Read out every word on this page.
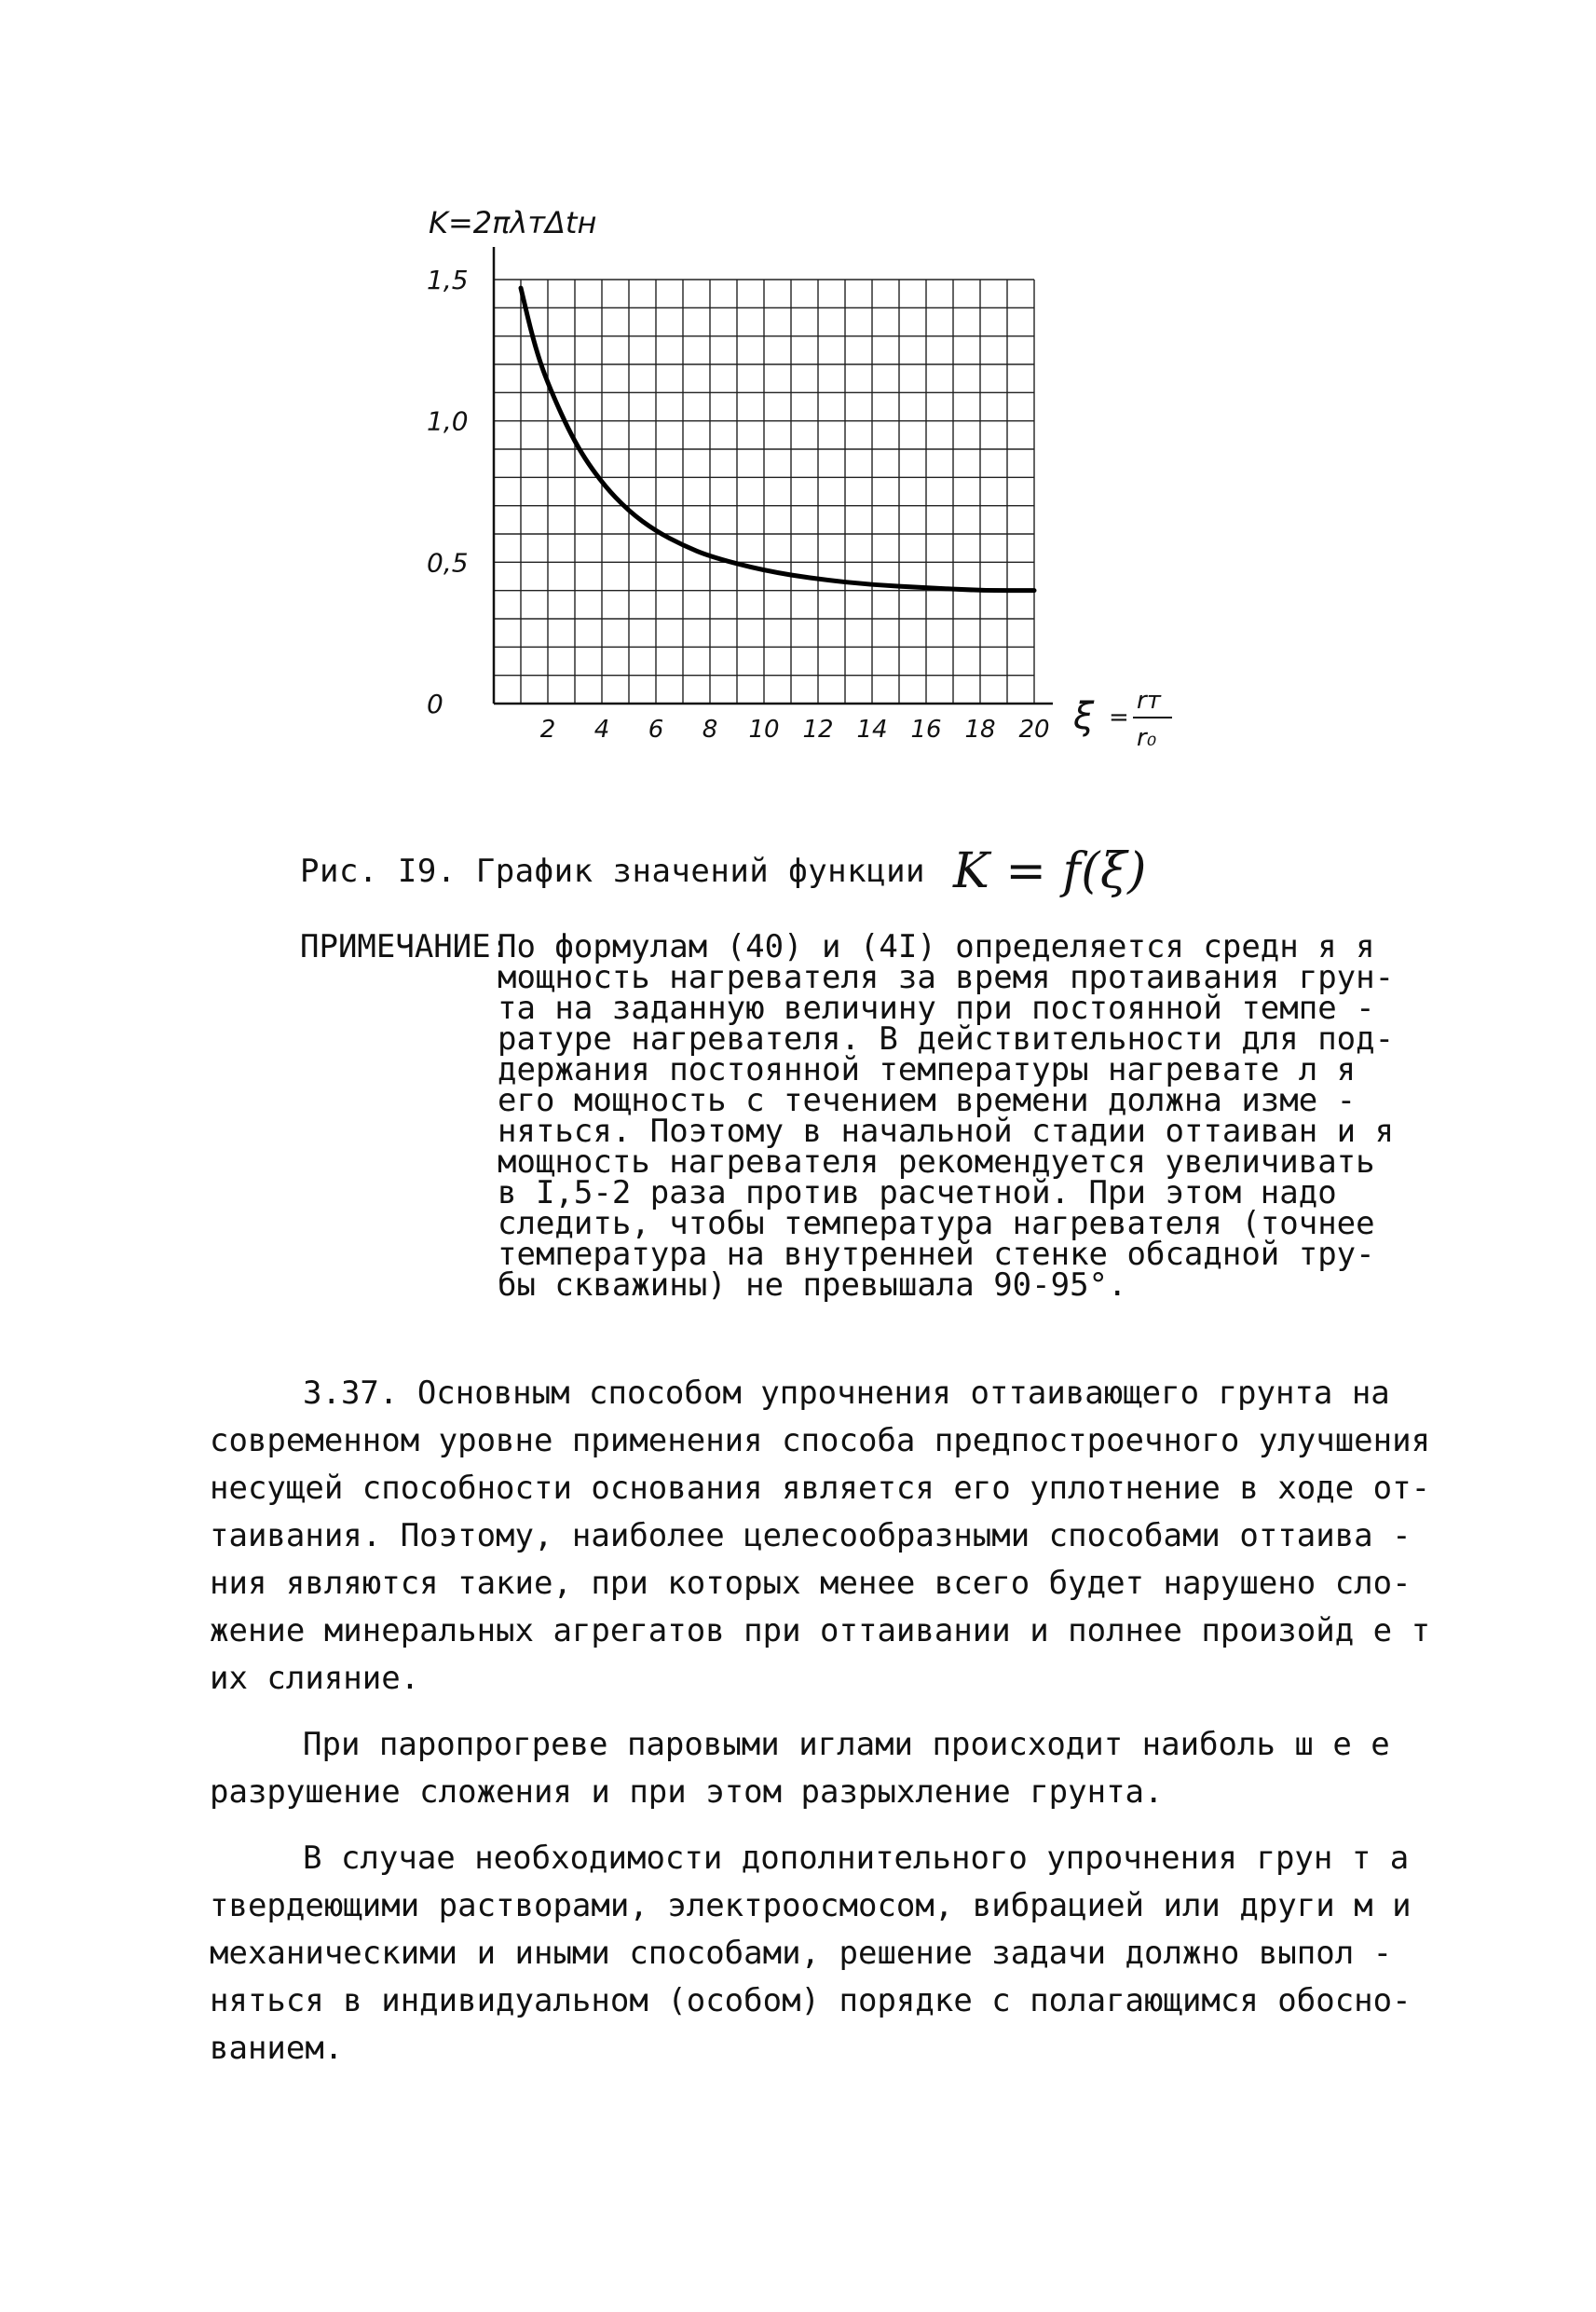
1,5
1,0
0,5
0
2 4 6 8 10 12 14 16 18 20
K=2πλтΔtн
ξ =
rт
r₀
Рис. I9. График значений функции K = f(ξ)
ПРИМЕЧАНИЕ:
По формулам (40) и (4I) определяется средн я я
мощность нагревателя за время протаивания грун-
та на заданную величину при постоянной темпе -
ратуре нагревателя. В действительности для под-
держания постоянной температуры нагревате л я
его мощность с течением времени должна изме -
няться. Поэтому в начальной стадии оттаиван и я
мощность нагревателя рекомендуется увеличивать
в I,5-2 раза против расчетной. При этом надо
следить, чтобы температура нагревателя (точнее
температура на внутренней стенке обсадной тру-
бы скважины) не превышала 90-95°.
3.37. Основным способом упрочнения оттаивающего грунта на
современном уровне применения способа предпостроечного улучшения
несущей способности основания является его уплотнение в ходе от-
таивания. Поэтому, наиболее целесообразными способами оттаива -
ния являются такие, при которых менее всего будет нарушено сло-
жение минеральных агрегатов при оттаивании и полнее произойд е т
их слияние.
При паропрогреве паровыми иглами происходит наиболь ш е е
разрушение сложения и при этом разрыхление грунта.
В случае необходимости дополнительного упрочнения грун т а
твердеющими растворами, электроосмосом, вибрацией или други м и
механическими и иными способами, решение задачи должно выпол -
няться в индивидуальном (особом) порядке с полагающимся обосно-
ванием.
